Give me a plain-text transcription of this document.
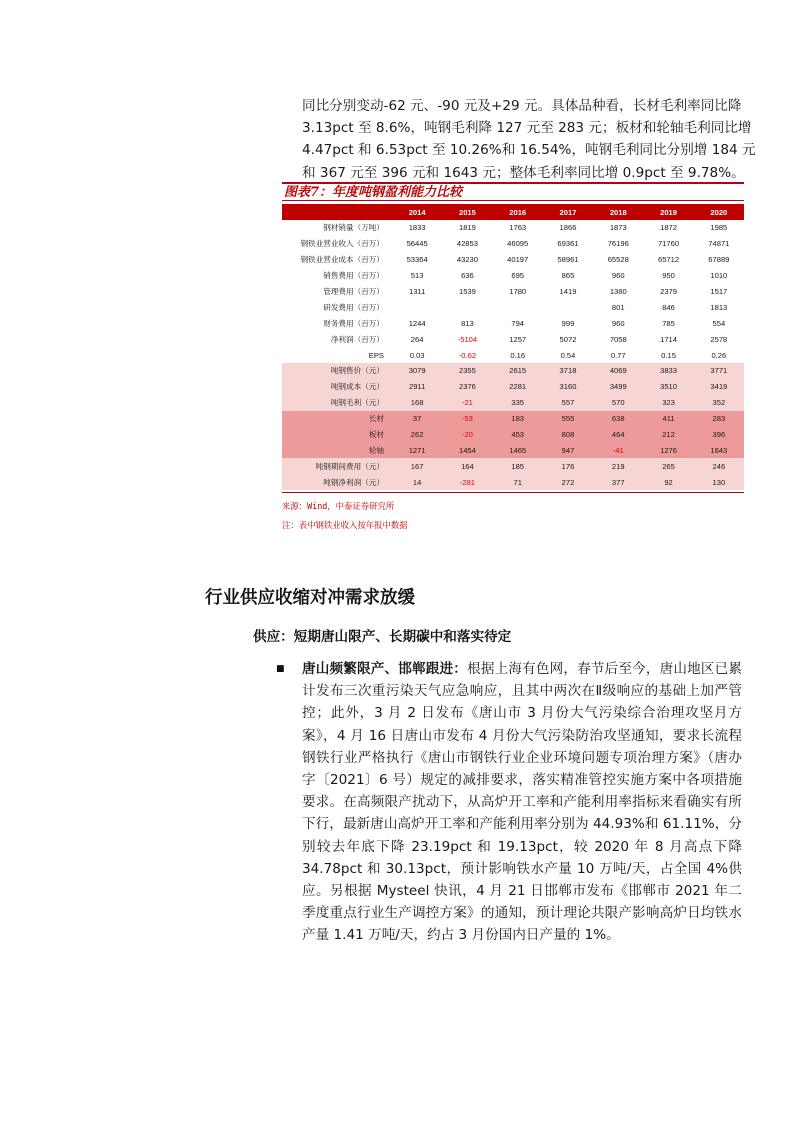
同比分别变动-62 元、-90 元及+29 元。具体品种看，长材毛利率同比降
3.13pct 至 8.6%，吨钢毛利降 127 元至 283 元；板材和轮轴毛利同比增
4.47pct 和 6.53pct 至 10.26%和 16.54%，吨钢毛利同比分别增 184 元
和 367 元至 396 元和 1643 元；整体毛利率同比增 0.9pct 至 9.78%。
图表7：年度吨钢盈利能力比较
	2014	2015	2016	2017	2018	2019	2020
钢材销量（万吨）	1833	1819	1763	1866	1873	1872	1985
钢铁业营业收入（百万）	56445	42853	46095	69361	76196	71760	74871
钢铁业营业成本（百万）	53364	43230	40197	58961	65528	65712	67889
销售费用（百万）	513	636	695	865	960	950	1010
管理费用（百万）	1311	1539	1780	1419	1380	2379	1517
研发费用（百万）					801	846	1813
财务费用（百万）	1244	813	794	999	960	785	554
净利润（百万）	264	-5104	1257	5072	7058	1714	2578
EPS	0.03	-0.62	0.16	0.54	0.77	0.15	0.26
吨钢售价（元）	3079	2355	2615	3718	4069	3833	3771
吨钢成本（元）	2911	2376	2281	3160	3499	3510	3419
吨钢毛利（元）	168	-21	335	557	570	323	352
长材	37	-53	183	555	638	411	283
板材	262	-20	453	808	464	212	396
轮轴	1271	1454	1465	947	-41	1276	1643
吨钢期间费用（元）	167	164	185	176	219	265	246
吨钢净利润（元）	14	-281	71	272	377	92	130
来源：Wind，中泰证券研究所
注：表中钢铁业收入按年报中数据
行业供应收缩对冲需求放缓
供应：短期唐山限产、长期碳中和落实待定
■ 唐山频繁限产、邯郸跟进：根据上海有色网，春节后至今，唐山地区已累计发布三次重污染天气应急响应，且其中两次在Ⅱ级响应的基础上加严管控；此外，3 月 2 日发布《唐山市 3 月份大气污染综合治理攻坚月方案》，4 月 16 日唐山市发布 4 月份大气污染防治攻坚通知，要求长流程钢铁行业严格执行《唐山市钢铁行业企业环境问题专项治理方案》（唐办字〔2021〕6 号）规定的减排要求，落实精准管控实施方案中各项措施要求。在高频限产扰动下，从高炉开工率和产能利用率指标来看确实有所下行，最新唐山高炉开工率和产能利用率分别为 44.93%和 61.11%，分别较去年底下降 23.19pct 和 19.13pct，较 2020 年 8 月高点下降 34.78pct 和 30.13pct，预计影响铁水产量 10 万吨/天，占全国 4%供应。另根据 Mysteel 快讯，4 月 21 日邯郸市发布《邯郸市 2021 年二季度重点行业生产调控方案》的通知，预计理论共限产影响高炉日均铁水产量 1.41 万吨/天，约占 3 月份国内日产量的 1%。
